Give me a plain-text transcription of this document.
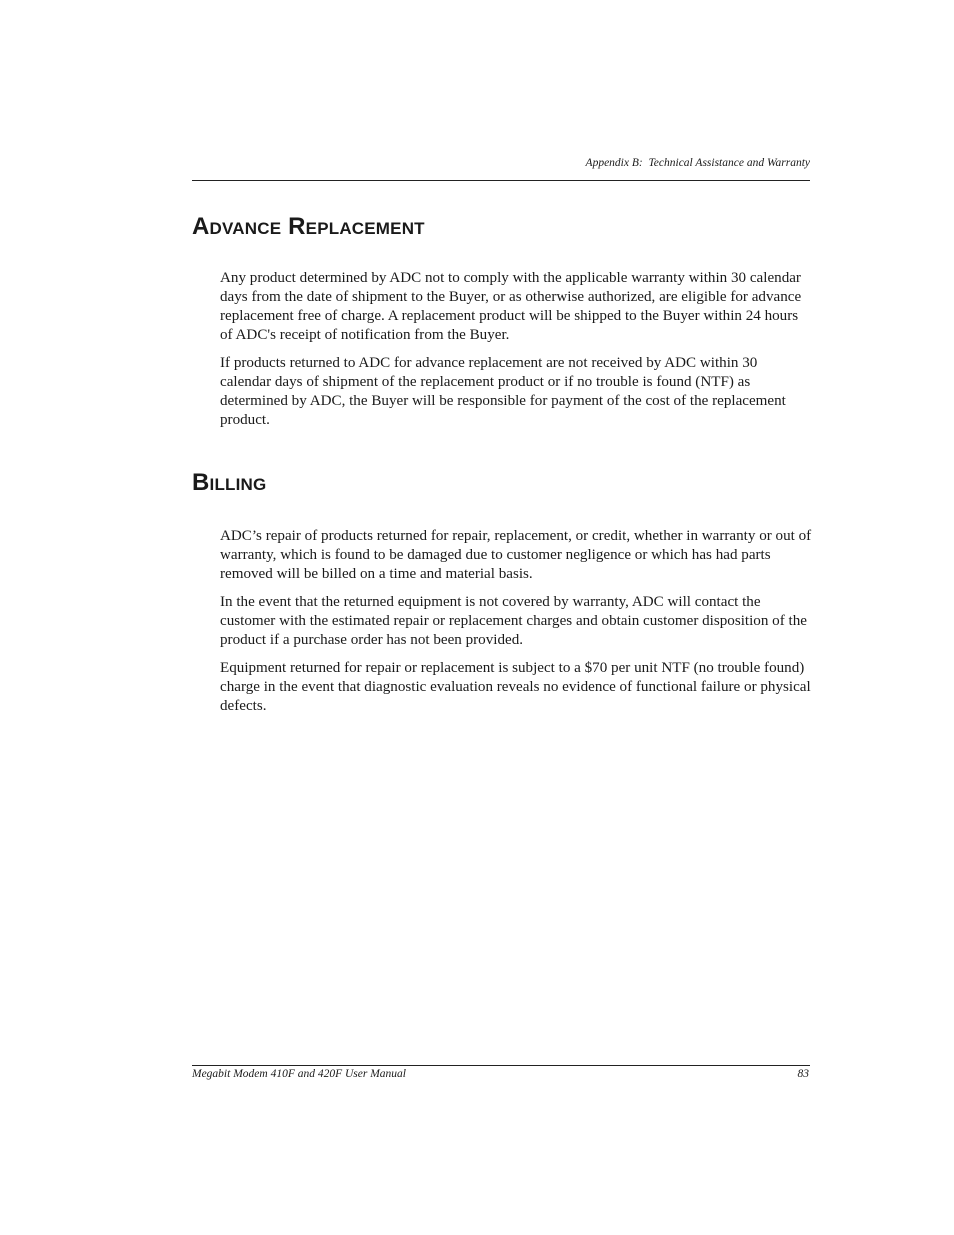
Appendix B:  Technical Assistance and Warranty
Advance Replacement

Any product determined by ADC not to comply with the applicable warranty within 30 calendar days from the date of shipment to the Buyer, or as otherwise authorized, are eligible for advance replacement free of charge. A replacement product will be shipped to the Buyer within 24 hours of ADC's receipt of notification from the Buyer.

If products returned to ADC for advance replacement are not received by ADC within 30 calendar days of shipment of the replacement product or if no trouble is found (NTF) as determined by ADC, the Buyer will be responsible for payment of the cost of the replacement product.

Billing

ADC’s repair of products returned for repair, replacement, or credit, whether in warranty or out of warranty, which is found to be damaged due to customer negligence or which has had parts removed will be billed on a time and material basis.

In the event that the returned equipment is not covered by warranty, ADC will contact the customer with the estimated repair or replacement charges and obtain customer disposition of the product if a purchase order has not been provided.

Equipment returned for repair or replacement is subject to a $70 per unit NTF (no trouble found) charge in the event that diagnostic evaluation reveals no evidence of functional failure or physical defects.

Megabit Modem 410F and 420F User Manual	83
